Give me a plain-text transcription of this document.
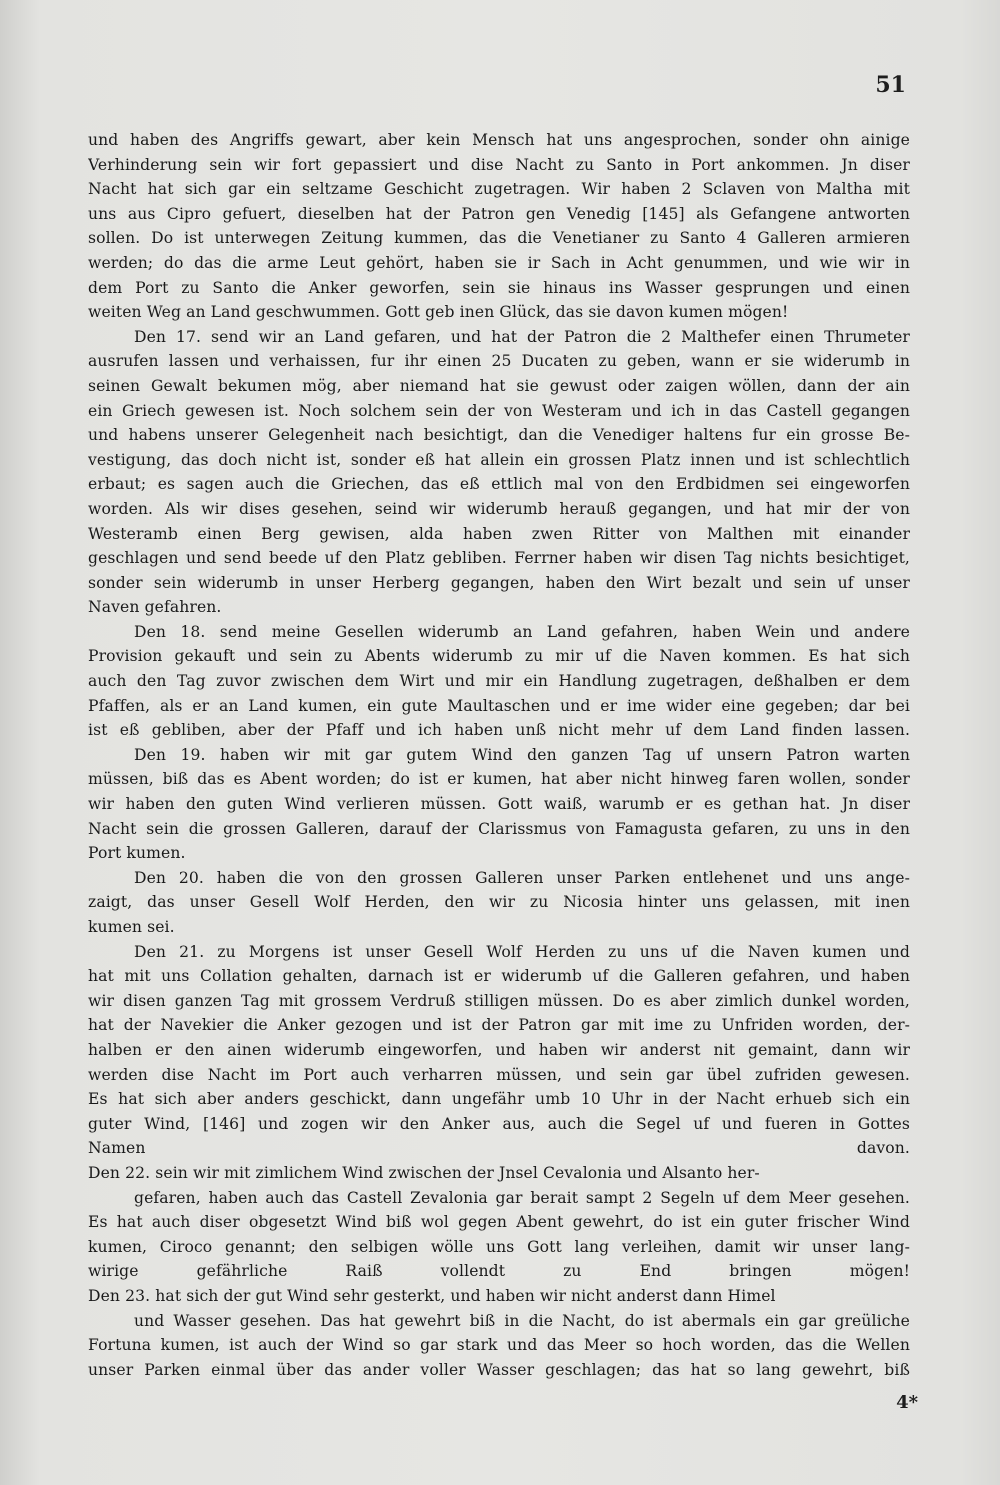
51
und haben des Angriffs gewart, aber kein Mensch hat uns angesprochen, sonder ohn ainige
Verhinderung sein wir fort gepassiert und dise Nacht zu Santo in Port ankommen. Jn diser
Nacht hat sich gar ein seltzame Geschicht zugetragen. Wir haben 2 Sclaven von Maltha mit
uns aus Cipro gefuert, dieselben hat der Patron gen Venedig [145] als Gefangene antworten
sollen. Do ist unterwegen Zeitung kummen, das die Venetianer zu Santo 4 Galleren armieren
werden; do das die arme Leut gehört, haben sie ir Sach in Acht genummen, und wie wir in
dem Port zu Santo die Anker geworfen, sein sie hinaus ins Wasser gesprungen und einen
weiten Weg an Land geschwummen. Gott geb inen Glück, das sie davon kumen mögen!
Den 17. send wir an Land gefaren, und hat der Patron die 2 Malthefer einen Thrumeter
ausrufen lassen und verhaissen, fur ihr einen 25 Ducaten zu geben, wann er sie widerumb in
seinen Gewalt bekumen mög, aber niemand hat sie gewust oder zaigen wöllen, dann der ain
ein Griech gewesen ist. Noch solchem sein der von Westeram und ich in das Castell gegangen
und habens unserer Gelegenheit nach besichtigt, dan die Venediger haltens fur ein grosse Be-
vestigung, das doch nicht ist, sonder eß hat allein ein grossen Platz innen und ist schlechtlich
erbaut; es sagen auch die Griechen, das eß ettlich mal von den Erdbidmen sei eingeworfen
worden. Als wir dises gesehen, seind wir widerumb herauß gegangen, und hat mir der von
Westeramb einen Berg gewisen, alda haben zwen Ritter von Malthen mit einander
geschlagen und send beede uf den Platz gebliben. Ferrner haben wir disen Tag nichts besichtiget,
sonder sein widerumb in unser Herberg gegangen, haben den Wirt bezalt und sein uf unser
Naven gefahren.
Den 18. send meine Gesellen widerumb an Land gefahren, haben Wein und andere
Provision gekauft und sein zu Abents widerumb zu mir uf die Naven kommen. Es hat sich
auch den Tag zuvor zwischen dem Wirt und mir ein Handlung zugetragen, deßhalben er dem
Pfaffen, als er an Land kumen, ein gute Maultaschen und er ime wider eine gegeben; dar bei
ist eß gebliben, aber der Pfaff und ich haben unß nicht mehr uf dem Land finden lassen.
Den 19. haben wir mit gar gutem Wind den ganzen Tag uf unsern Patron warten
müssen, biß das es Abent worden; do ist er kumen, hat aber nicht hinweg faren wollen, sonder
wir haben den guten Wind verlieren müssen. Gott waiß, warumb er es gethan hat. Jn diser
Nacht sein die grossen Galleren, darauf der Clarissmus von Famagusta gefaren, zu uns in den
Port kumen.
Den 20. haben die von den grossen Galleren unser Parken entlehenet und uns ange-
zaigt, das unser Gesell Wolf Herden, den wir zu Nicosia hinter uns gelassen, mit inen
kumen sei.
Den 21. zu Morgens ist unser Gesell Wolf Herden zu uns uf die Naven kumen und
hat mit uns Collation gehalten, darnach ist er widerumb uf die Galleren gefahren, und haben
wir disen ganzen Tag mit grossem Verdruß stilligen müssen. Do es aber zimlich dunkel worden,
hat der Navekier die Anker gezogen und ist der Patron gar mit ime zu Unfriden worden, der-
halben er den ainen widerumb eingeworfen, und haben wir anderst nit gemaint, dann wir
werden dise Nacht im Port auch verharren müssen, und sein gar übel zufriden gewesen.
Es hat sich aber anders geschickt, dann ungefähr umb 10 Uhr in der Nacht erhueb sich ein
guter Wind, [146] und zogen wir den Anker aus, auch die Segel uf und fueren in Gottes
Namen davon.
Den 22. sein wir mit zimlichem Wind zwischen der Jnsel Cevalonia und Alsanto her-
gefaren, haben auch das Castell Zevalonia gar berait sampt 2 Segeln uf dem Meer gesehen.
Es hat auch diser obgesetzt Wind biß wol gegen Abent gewehrt, do ist ein guter frischer Wind
kumen, Ciroco genannt; den selbigen wölle uns Gott lang verleihen, damit wir unser lang-
wirige gefährliche Raiß vollendt zu End bringen mögen!
Den 23. hat sich der gut Wind sehr gesterkt, und haben wir nicht anderst dann Himel
und Wasser gesehen. Das hat gewehrt biß in die Nacht, do ist abermals ein gar greüliche
Fortuna kumen, ist auch der Wind so gar stark und das Meer so hoch worden, das die Wellen
unser Parken einmal über das ander voller Wasser geschlagen; das hat so lang gewehrt, biß
4*
